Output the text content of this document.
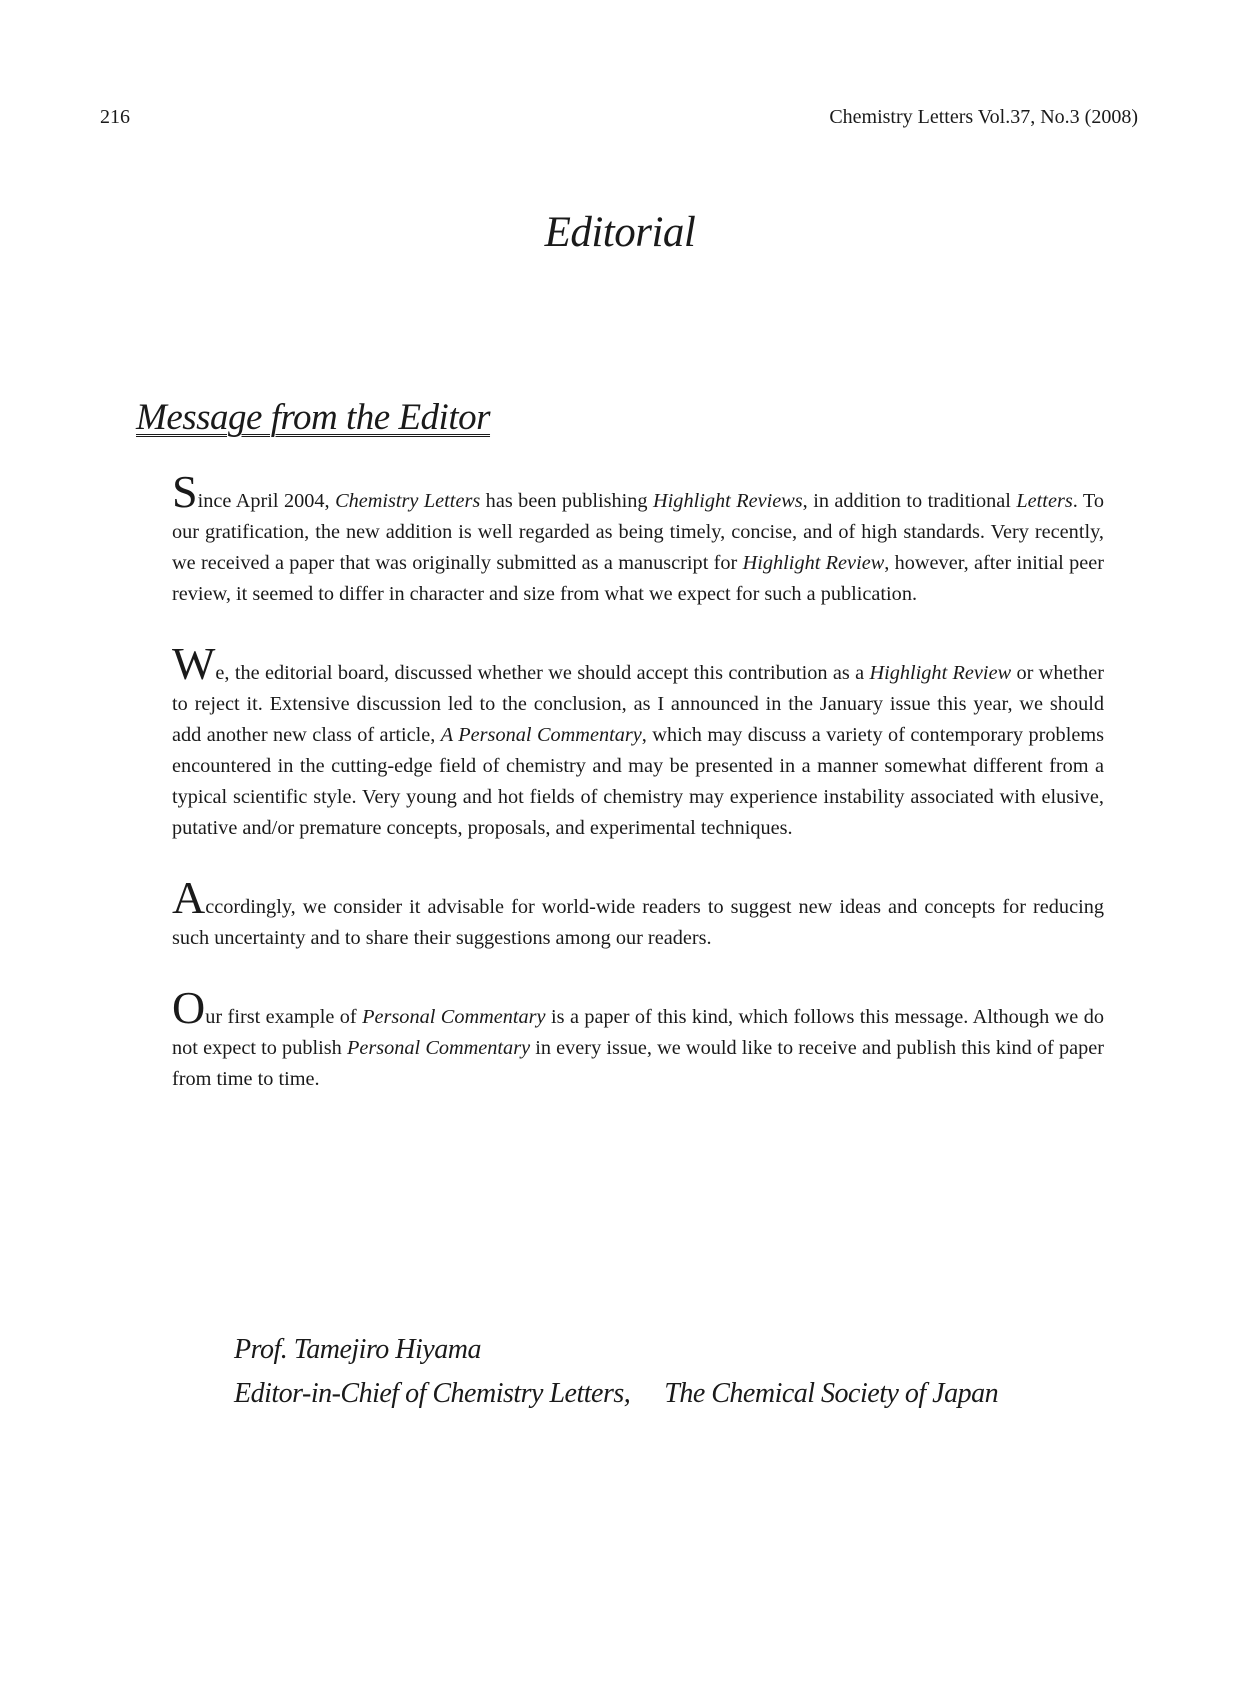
216	Chemistry Letters Vol.37, No.3 (2008)
Editorial
Message from the Editor

Since April 2004, Chemistry Letters has been publishing Highlight Reviews, in addition to traditional Letters. To our gratification, the new addition is well regarded as being timely, concise, and of high standards. Very recently, we received a paper that was originally submitted as a manuscript for Highlight Review, however, after initial peer review, it seemed to differ in character and size from what we expect for such a publication.

We, the editorial board, discussed whether we should accept this contribution as a Highlight Review or whether to reject it. Extensive discussion led to the conclusion, as I announced in the January issue this year, we should add another new class of article, A Personal Commentary, which may discuss a variety of contemporary problems encountered in the cutting-edge field of chemistry and may be presented in a manner somewhat different from a typical scientific style. Very young and hot fields of chemistry may experience instability associated with elusive, putative and/or premature concepts, proposals, and experimental techniques.

Accordingly, we consider it advisable for world-wide readers to suggest new ideas and concepts for reducing such uncertainty and to share their suggestions among our readers.

Our first example of Personal Commentary is a paper of this kind, which follows this message. Although we do not expect to publish Personal Commentary in every issue, we would like to receive and publish this kind of paper from time to time.

Prof. Tamejiro Hiyama
Editor-in-Chief of Chemistry Letters, The Chemical Society of Japan
